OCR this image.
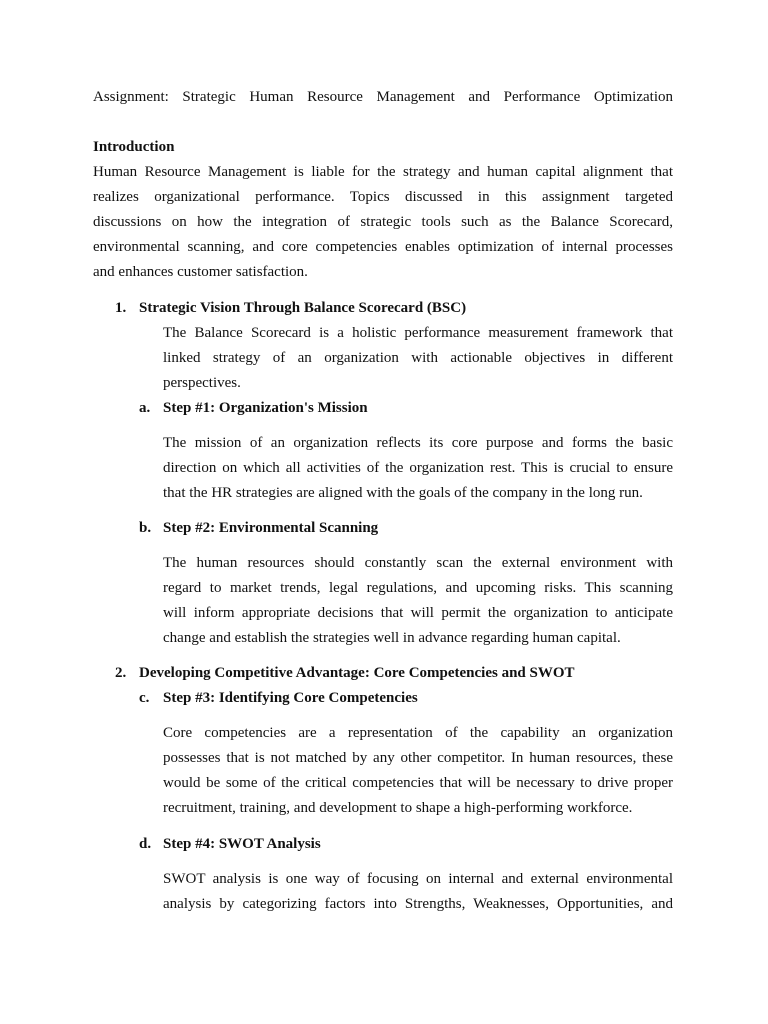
Assignment: Strategic Human Resource Management and Performance Optimization
Introduction
Human Resource Management is liable for the strategy and human capital alignment that
realizes organizational performance. Topics discussed in this assignment targeted
discussions on how the integration of strategic tools such as the Balance Scorecard,
environmental scanning, and core competencies enables optimization of internal processes
and enhances customer satisfaction.
1. Strategic Vision Through Balance Scorecard (BSC)
The Balance Scorecard is a holistic performance measurement framework that
linked strategy of an organization with actionable objectives in different
perspectives.
a. Step #1: Organization's Mission
The mission of an organization reflects its core purpose and forms the basic
direction on which all activities of the organization rest. This is crucial to ensure
that the HR strategies are aligned with the goals of the company in the long run.
b. Step #2: Environmental Scanning
The human resources should constantly scan the external environment with
regard to market trends, legal regulations, and upcoming risks. This scanning
will inform appropriate decisions that will permit the organization to anticipate
change and establish the strategies well in advance regarding human capital.
2. Developing Competitive Advantage: Core Competencies and SWOT
c. Step #3: Identifying Core Competencies
Core competencies are a representation of the capability an organization
possesses that is not matched by any other competitor. In human resources, these
would be some of the critical competencies that will be necessary to drive proper
recruitment, training, and development to shape a high-performing workforce.
d. Step #4: SWOT Analysis
SWOT analysis is one way of focusing on internal and external environmental
analysis by categorizing factors into Strengths, Weaknesses, Opportunities, and
